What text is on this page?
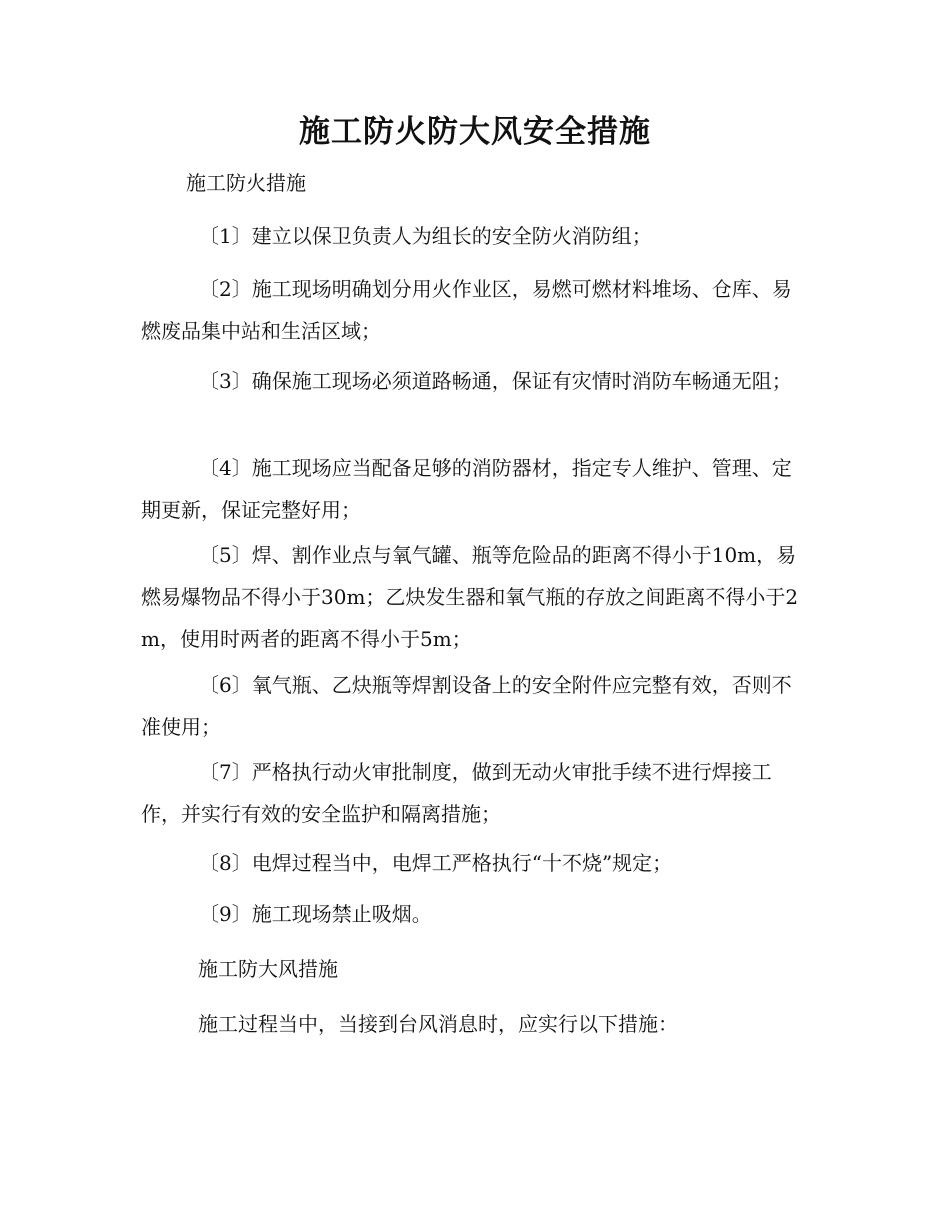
施工防火防大风安全措施

施工防火措施

〔1〕建立以保卫负责人为组长的安全防火消防组；

〔2〕施工现场明确划分用火作业区，易燃可燃材料堆场、仓库、易燃废品集中站和生活区域；

〔3〕确保施工现场必须道路畅通，保证有灾情时消防车畅通无阻；

〔4〕施工现场应当配备足够的消防器材，指定专人维护、管理、定期更新，保证完整好用；

〔5〕焊、割作业点与氧气罐、瓶等危险品的距离不得小于10m，易燃易爆物品不得小于30m；乙炔发生器和氧气瓶的存放之间距离不得小于2m，使用时两者的距离不得小于5m；

〔6〕氧气瓶、乙炔瓶等焊割设备上的安全附件应完整有效，否则不准使用；

〔7〕严格执行动火审批制度，做到无动火审批手续不进行焊接工作，并实行有效的安全监护和隔离措施；

〔8〕电焊过程当中，电焊工严格执行“十不烧”规定；

〔9〕施工现场禁止吸烟。

施工防大风措施

施工过程当中，当接到台风消息时，应实行以下措施：
